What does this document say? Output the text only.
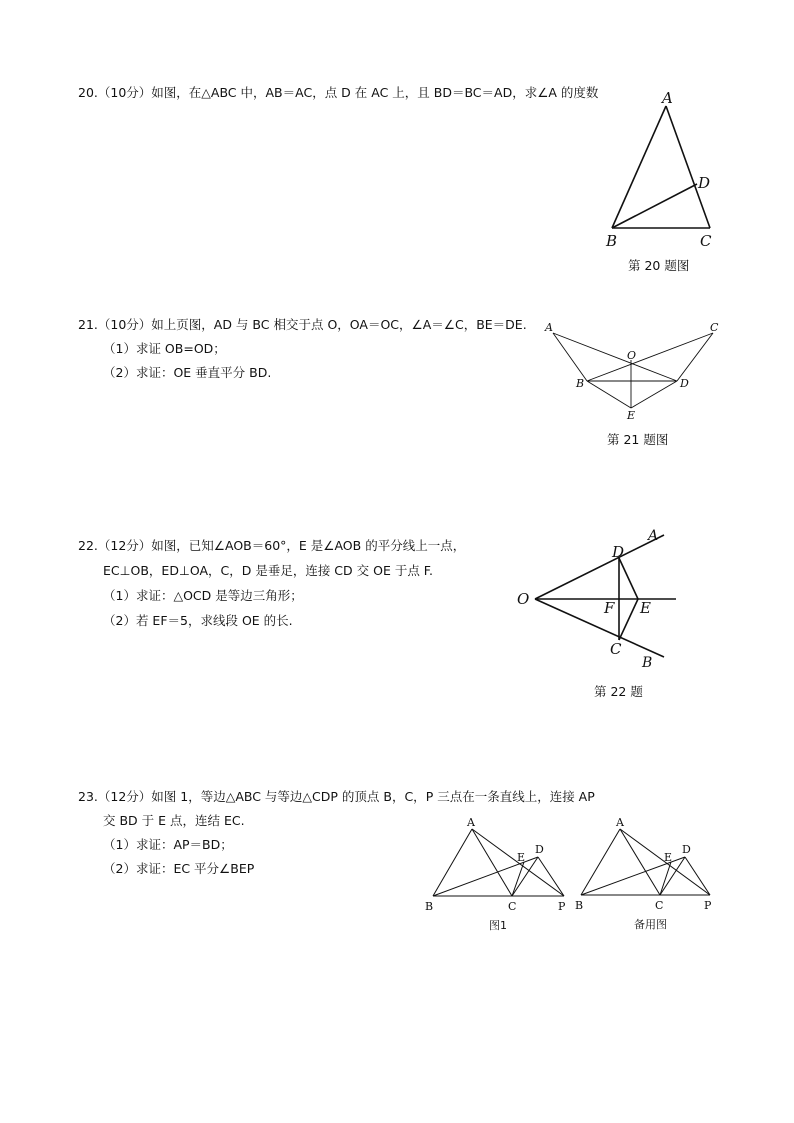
20.（10分）如图，在△ABC 中，AB＝AC，点 D 在 AC 上，且 BD＝BC＝AD，求∠A 的度数	A
B	C
D
第 20 题图
21.（10分）如上页图，AD 与 BC 相交于点 O，OA＝OC，∠A＝∠C，BE＝DE.
（1）求证 OB=OD；
（2）求证：OE 垂直平分 BD.
A	C
O
B	D
E
第 21 题图
22.（12分）如图，已知∠AOB＝60°，E 是∠AOB 的平分线上一点，
EC⊥OB，ED⊥OA，C，D 是垂足，连接 CD 交 OE 于点 F.
（1）求证：△OCD 是等边三角形；
（2）若 EF＝5，求线段 OE 的长.
O
D
A
F E
C
B
第 22 题
23.（12分）如图 1，等边△ABC 与等边△CDP 的顶点 B，C，P 三点在一条直线上，连接 AP
交 BD 于 E 点，连结 EC.
（1）求证：AP＝BD；
（2）求证：EC 平分∠BEP
A
B	C
D
E
P
图1
A
B	C
D
E
P
备用图
